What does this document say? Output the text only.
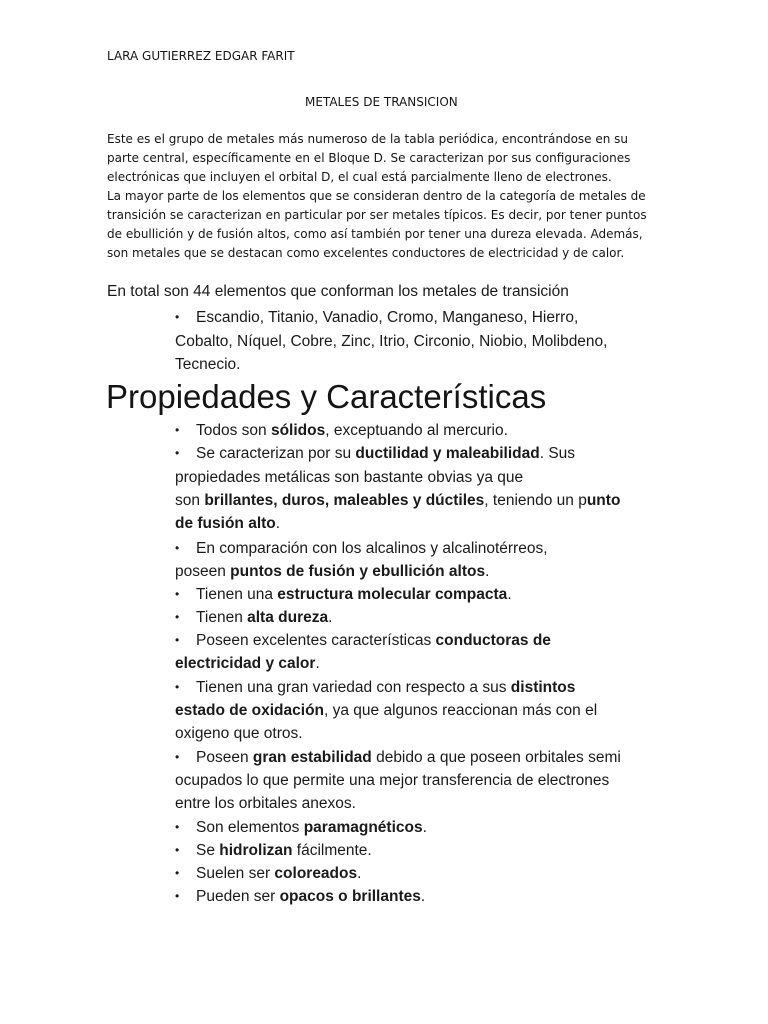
LARA GUTIERREZ EDGAR FARIT

METALES DE TRANSICION

Este es el grupo de metales más numeroso de la tabla periódica, encontrándose en su
parte central, específicamente en el Bloque D. Se caracterizan por sus configuraciones
electrónicas que incluyen el orbital D, el cual está parcialmente lleno de electrones.
La mayor parte de los elementos que se consideran dentro de la categoría de metales de
transición se caracterizan en particular por ser metales típicos. Es decir, por tener puntos
de ebullición y de fusión altos, como así también por tener una dureza elevada. Además,
son metales que se destacan como excelentes conductores de electricidad y de calor.

En total son 44 elementos que conforman los metales de transición

• Escandio, Titanio, Vanadio, Cromo, Manganeso, Hierro,
Cobalto, Níquel, Cobre, Zinc, Itrio, Circonio, Niobio, Molibdeno,
Tecnecio.
Propiedades y Características
• Todos son sólidos, exceptuando al mercurio.
• Se caracterizan por su ductilidad y maleabilidad. Sus
propiedades metálicas son bastante obvias ya que
son brillantes, duros, maleables y dúctiles, teniendo un punto
de fusión alto.
• En comparación con los alcalinos y alcalinotérreos,
poseen puntos de fusión y ebullición altos.
• Tienen una estructura molecular compacta.
• Tienen alta dureza.
• Poseen excelentes características conductoras de
electricidad y calor.
• Tienen una gran variedad con respecto a sus distintos
estado de oxidación, ya que algunos reaccionan más con el
oxigeno que otros.
• Poseen gran estabilidad debido a que poseen orbitales semi
ocupados lo que permite una mejor transferencia de electrones
entre los orbitales anexos.
• Son elementos paramagnéticos.
• Se hidrolizan fácilmente.
• Suelen ser coloreados.
• Pueden ser opacos o brillantes.
